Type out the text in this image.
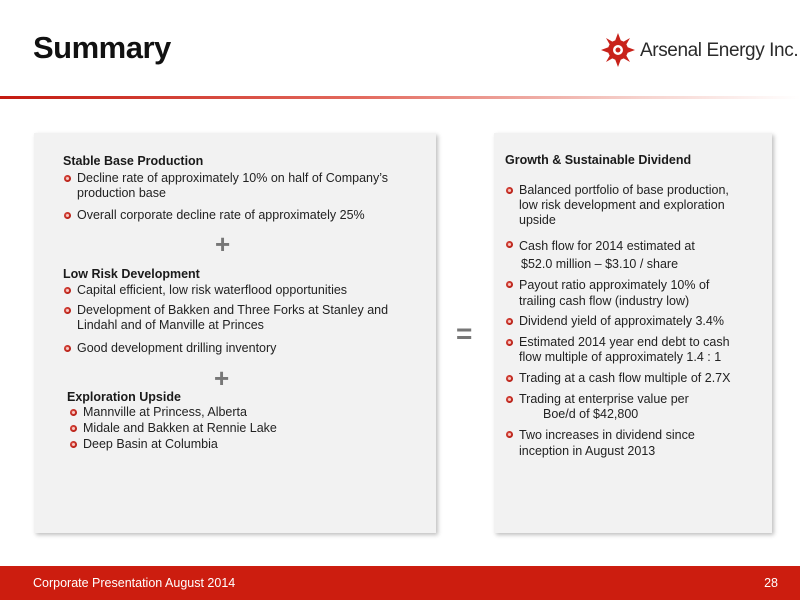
Summary	Arsenal Energy Inc.
Stable Base Production
Decline rate of approximately 10% on half of Company’s
production base
Overall corporate decline rate of approximately 25%
+
Low Risk Development
Capital efficient, low risk waterflood opportunities
Development of Bakken and Three Forks at Stanley and
Lindahl and of Manville at Princes
Good development drilling inventory
+
Exploration Upside
Mannville at Princess, Alberta
Midale and Bakken at Rennie Lake
Deep Basin at Columbia
=
Growth & Sustainable Dividend
Balanced portfolio of base production,
low risk development and exploration
upside
Cash flow for 2014 estimated at
$52.0 million – $3.10 / share
Payout ratio approximately 10% of
trailing cash flow (industry low)
Dividend yield of approximately 3.4%
Estimated 2014 year end debt to cash
flow multiple of approximately 1.4 : 1
Trading at a cash flow multiple of 2.7X
Trading at enterprise value per
Boe/d of $42,800
Two increases in dividend since
inception in August 2013
Corporate Presentation August 2014	28
